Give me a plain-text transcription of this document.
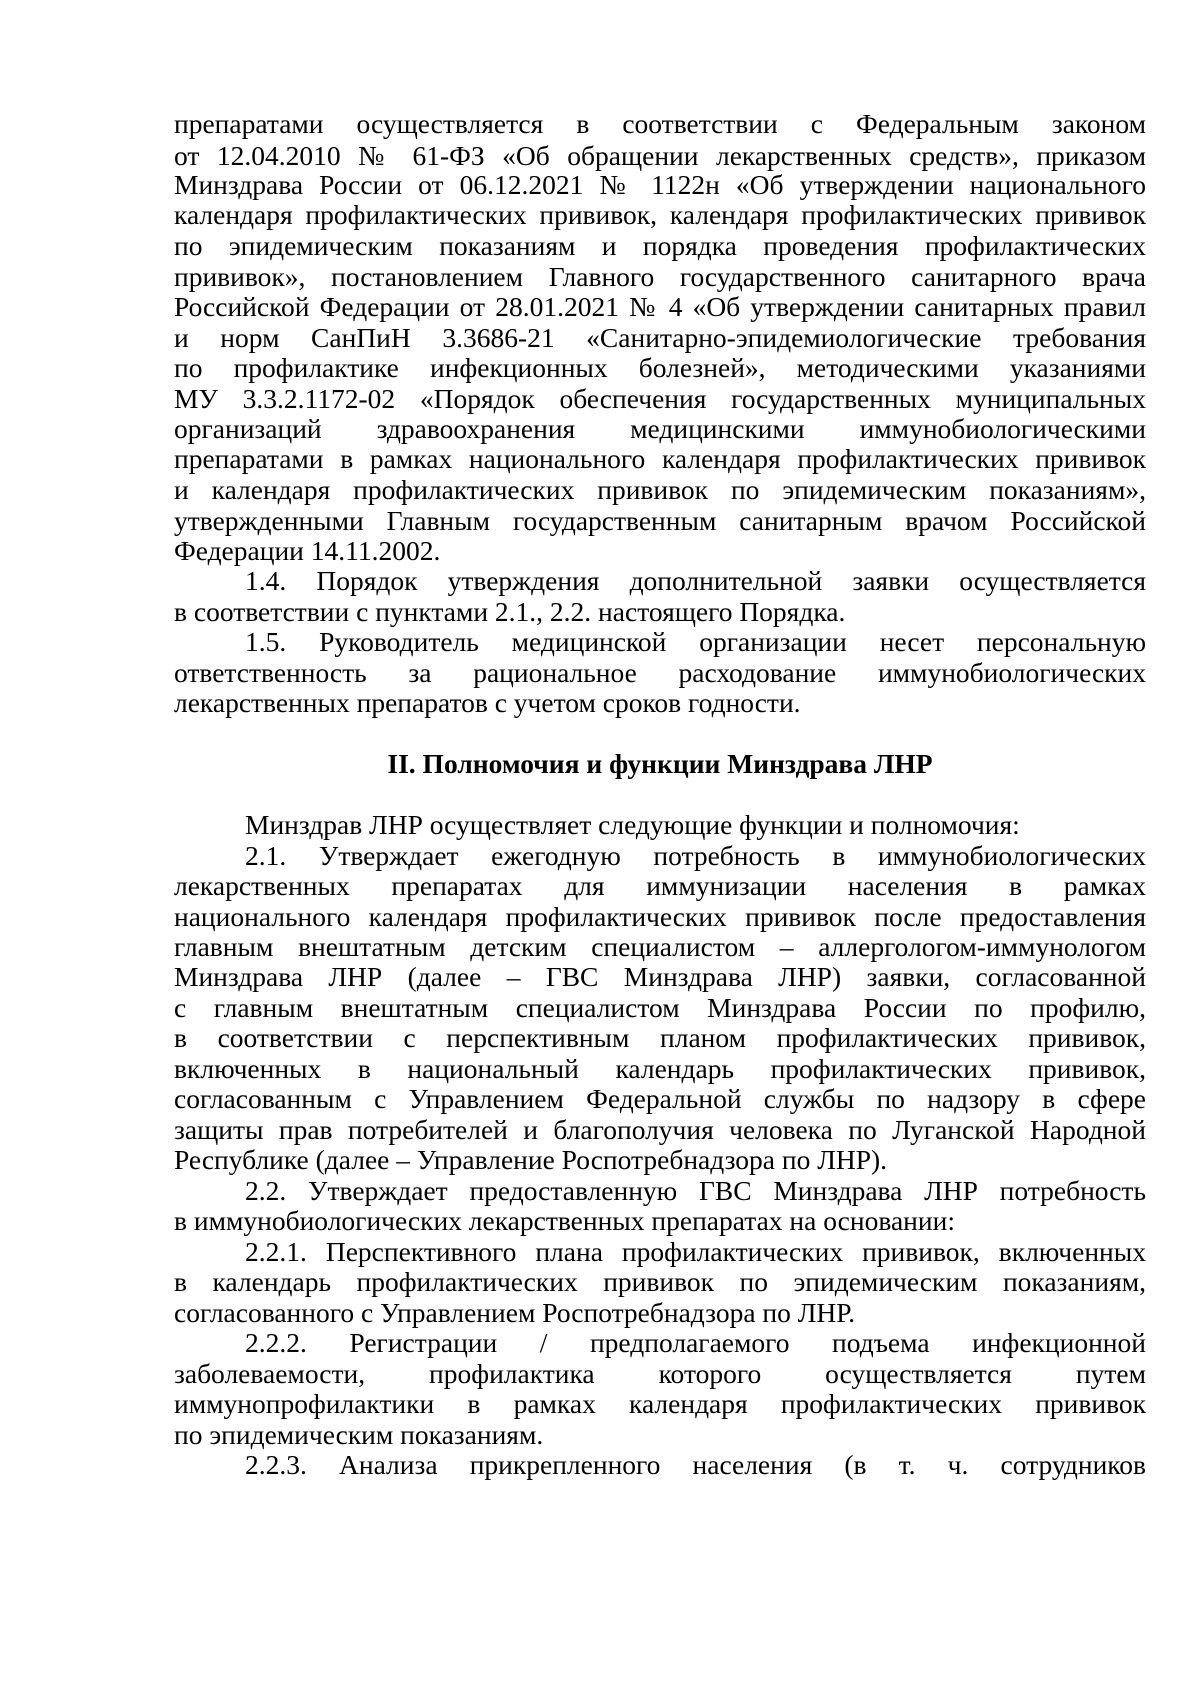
препаратами осуществляется в соответствии с Федеральным законом
от 12.04.2010 № 61-ФЗ «Об обращении лекарственных средств», приказом
Минздрава России от 06.12.2021 № 1122н «Об утверждении национального
календаря профилактических прививок, календаря профилактических прививок
по эпидемическим показаниям и порядка проведения профилактических
прививок», постановлением Главного государственного санитарного врача
Российской Федерации от 28.01.2021 № 4 «Об утверждении санитарных правил
и норм СанПиН 3.3686-21 «Санитарно-эпидемиологические требования
по профилактике инфекционных болезней», методическими указаниями
МУ 3.3.2.1172-02 «Порядок обеспечения государственных муниципальных
организаций здравоохранения медицинскими иммунобиологическими
препаратами в рамках национального календаря профилактических прививок
и календаря профилактических прививок по эпидемическим показаниям»,
утвержденными Главным государственным санитарным врачом Российской
Федерации 14.11.2002.
1.4. Порядок утверждения дополнительной заявки осуществляется
в соответствии с пунктами 2.1., 2.2. настоящего Порядка.
1.5. Руководитель медицинской организации несет персональную
ответственность за рациональное расходование иммунобиологических
лекарственных препаратов с учетом сроков годности.
II. Полномочия и функции Минздрава ЛНР
Минздрав ЛНР осуществляет следующие функции и полномочия:
2.1. Утверждает ежегодную потребность в иммунобиологических
лекарственных препаратах для иммунизации населения в рамках
национального календаря профилактических прививок после предоставления
главным внештатным детским специалистом – аллергологом-иммунологом
Минздрава ЛНР (далее – ГВС Минздрава ЛНР) заявки, согласованной
с главным внештатным специалистом Минздрава России по профилю,
в соответствии с перспективным планом профилактических прививок,
включенных в национальный календарь профилактических прививок,
согласованным с Управлением Федеральной службы по надзору в сфере
защиты прав потребителей и благополучия человека по Луганской Народной
Республике (далее – Управление Роспотребнадзора по ЛНР).
2.2. Утверждает предоставленную ГВС Минздрава ЛНР потребность
в иммунобиологических лекарственных препаратах на основании:
2.2.1. Перспективного плана профилактических прививок, включенных
в календарь профилактических прививок по эпидемическим показаниям,
согласованного с Управлением Роспотребнадзора по ЛНР.
2.2.2. Регистрации / предполагаемого подъема инфекционной
заболеваемости, профилактика которого осуществляется путем
иммунопрофилактики в рамках календаря профилактических прививок
по эпидемическим показаниям.
2.2.3. Анализа прикрепленного населения (в т. ч. сотрудников
